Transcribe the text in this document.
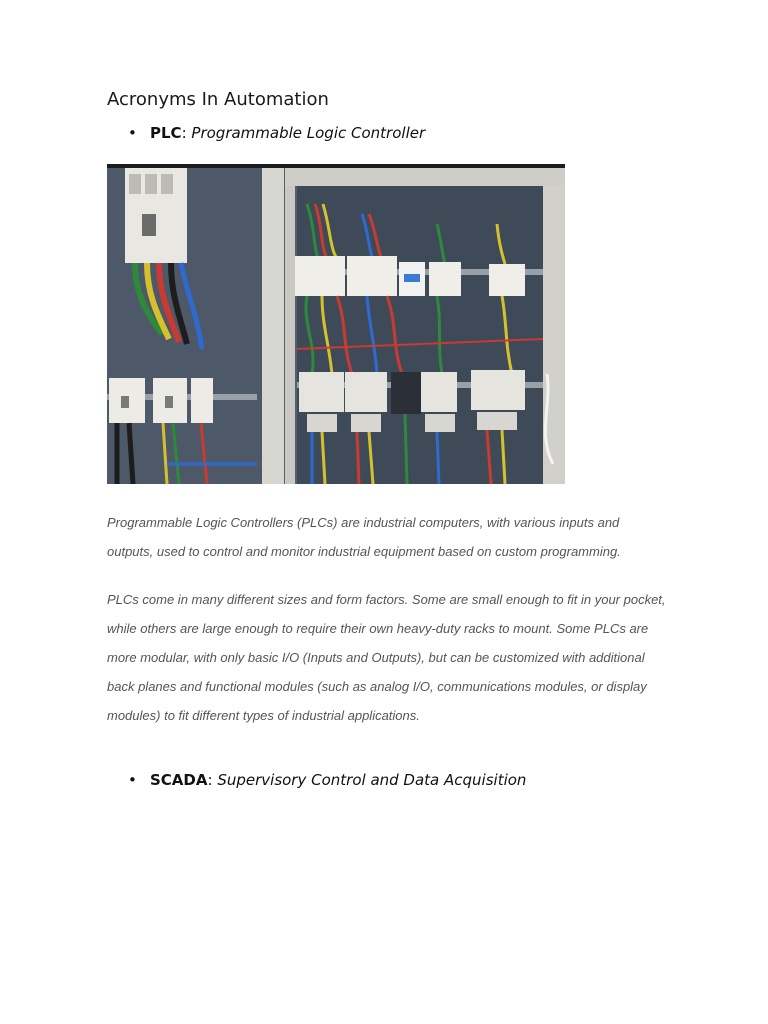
Acronyms In Automation
• PLC :
Programmable Logic Controller

Programmable Logic Controllers (PLCs) are industrial computers, with various inputs and outputs, used to control and monitor industrial equipment based on custom programming.

PLCs come in many different sizes and form factors. Some are small enough to fit in your pocket, while others are large enough to require their own heavy-duty racks to mount. Some PLCs are more modular, with only basic I/O (Inputs and Outputs), but can be customized with additional back planes and functional modules (such as analog I/O, communications modules, or display modules) to fit different types of industrial applications.

• SCADA :
Supervisory Control and Data Acquisition
